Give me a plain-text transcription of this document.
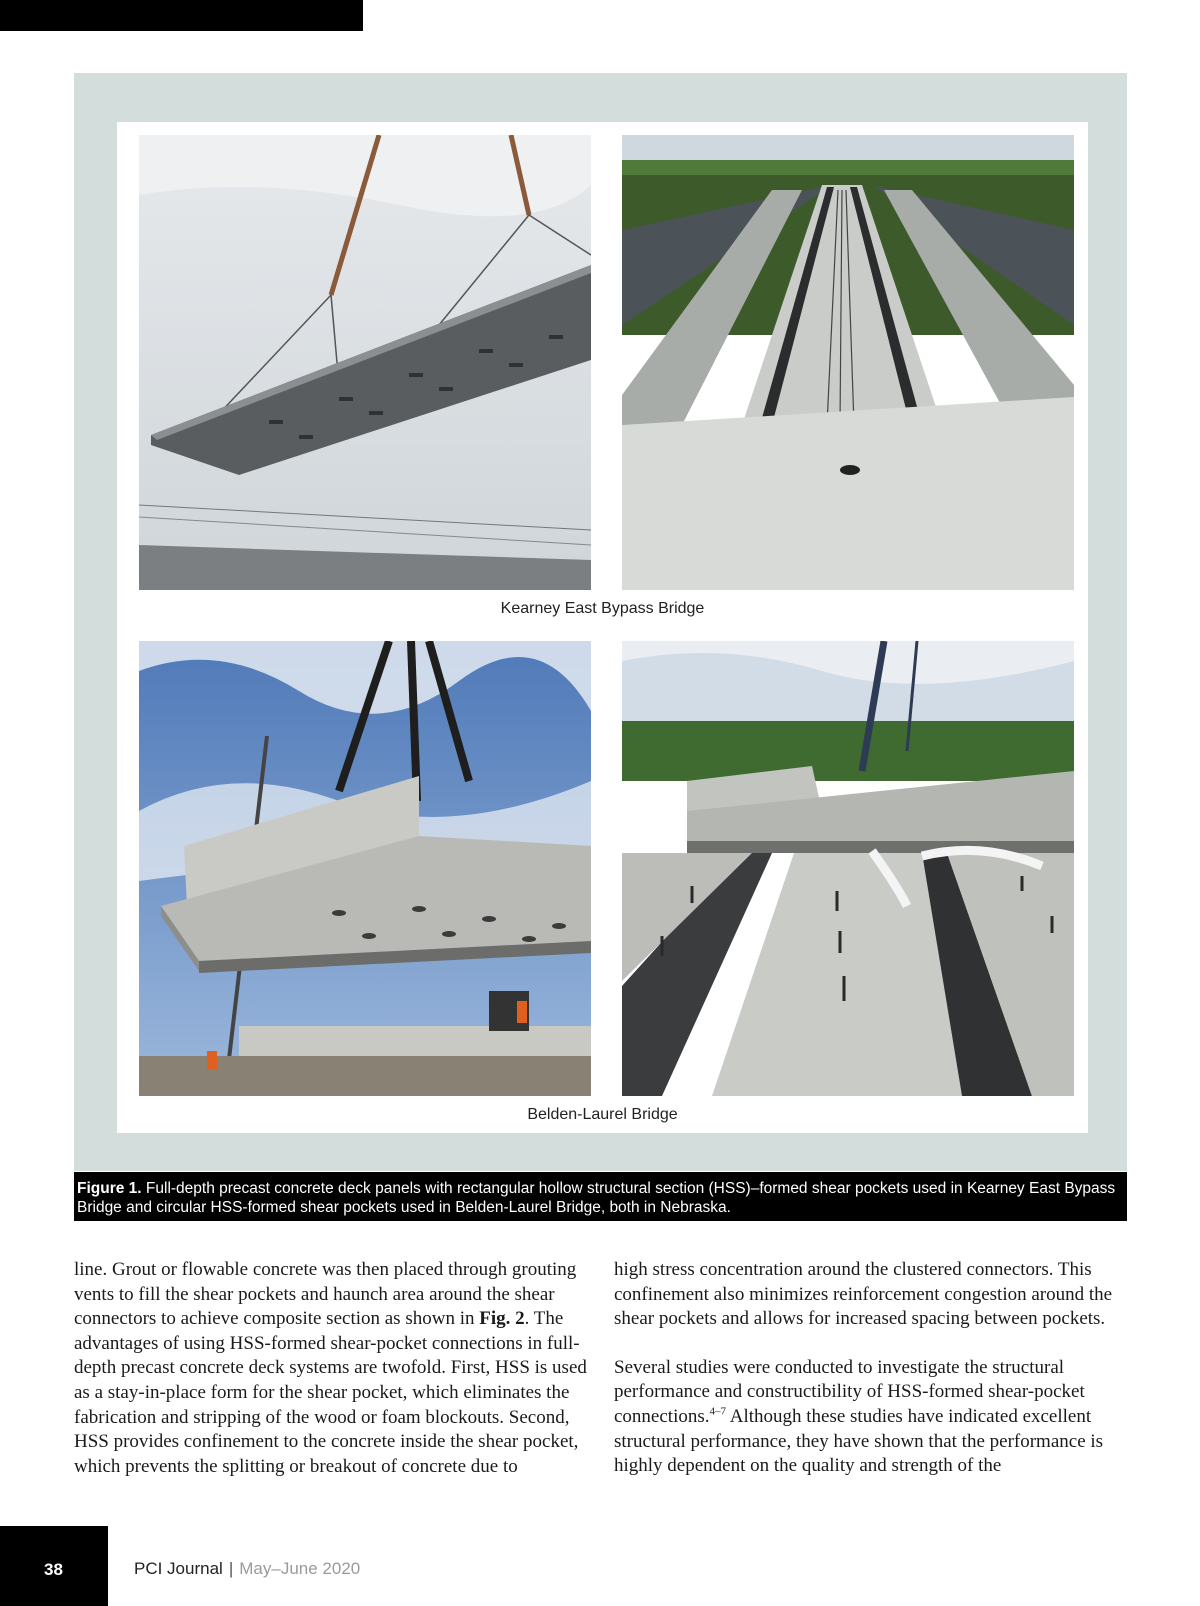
Kearney East Bypass Bridge
Belden-Laurel Bridge
Figure 1. Full-depth precast concrete deck panels with rectangular hollow structural section (HSS)–formed shear pockets used in Kearney East Bypass Bridge and circular HSS-formed shear pockets used in Belden-Laurel Bridge, both in Nebraska.

line. Grout or flowable concrete was then placed through grouting vents to fill the shear pockets and haunch area around the shear connectors to achieve composite section as shown in Fig. 2. The advantages of using HSS-formed shear-pocket connections in full-depth precast concrete deck systems are twofold. First, HSS is used as a stay-in-place form for the shear pocket, which eliminates the fabrication and stripping of the wood or foam blockouts. Second, HSS provides confinement to the concrete inside the shear pocket, which prevents the splitting or breakout of concrete due to

high stress concentration around the clustered connectors. This confinement also minimizes reinforcement congestion around the shear pockets and allows for increased spacing between pockets.

Several studies were conducted to investigate the structural performance and constructibility of HSS-formed shear-pocket connections.$^{4-7}$ Although these studies have indicated excellent structural performance, they have shown that the performance is highly dependent on the quality and strength of the

38	PCI Journal | May–June 2020
